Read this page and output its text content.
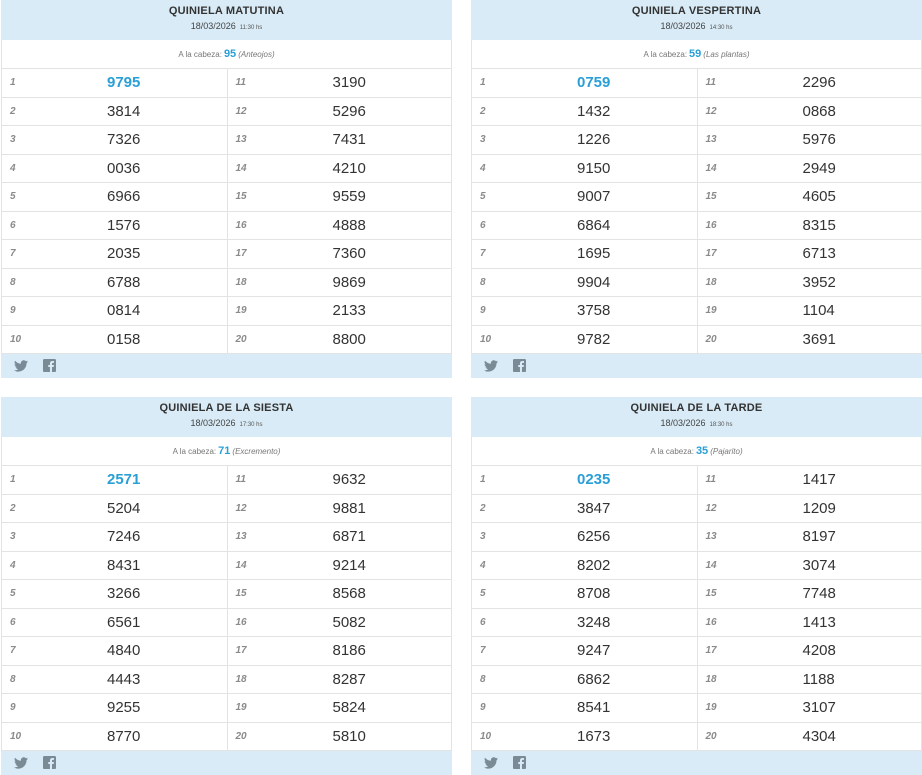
QUINIELA MATUTINA
18/03/2026 11:30 hs
A la cabeza: 95 (Anteojos)
1	9795
2	3814
3	7326
4	0036
5	6966
6	1576
7	2035
8	6788
9	0814
10	0158
11	3190
12	5296
13	7431
14	4210
15	9559
16	4888
17	7360
18	9869
19	2133
20	8800
QUINIELA VESPERTINA
18/03/2026 14:30 hs
A la cabeza: 59 (Las plantas)
1	0759
2	1432
3	1226
4	9150
5	9007
6	6864
7	1695
8	9904
9	3758
10	9782
11	2296
12	0868
13	5976
14	2949
15	4605
16	8315
17	6713
18	3952
19	1104
20	3691
QUINIELA DE LA SIESTA
18/03/2026 17:30 hs
A la cabeza: 71 (Excremento)
1	2571
2	5204
3	7246
4	8431
5	3266
6	6561
7	4840
8	4443
9	9255
10	8770
11	9632
12	9881
13	6871
14	9214
15	8568
16	5082
17	8186
18	8287
19	5824
20	5810
QUINIELA DE LA TARDE
18/03/2026 18:30 hs
A la cabeza: 35 (Pajarito)
1	0235
2	3847
3	6256
4	8202
5	8708
6	3248
7	9247
8	6862
9	8541
10	1673
11	1417
12	1209
13	8197
14	3074
15	7748
16	1413
17	4208
18	1188
19	3107
20	4304
